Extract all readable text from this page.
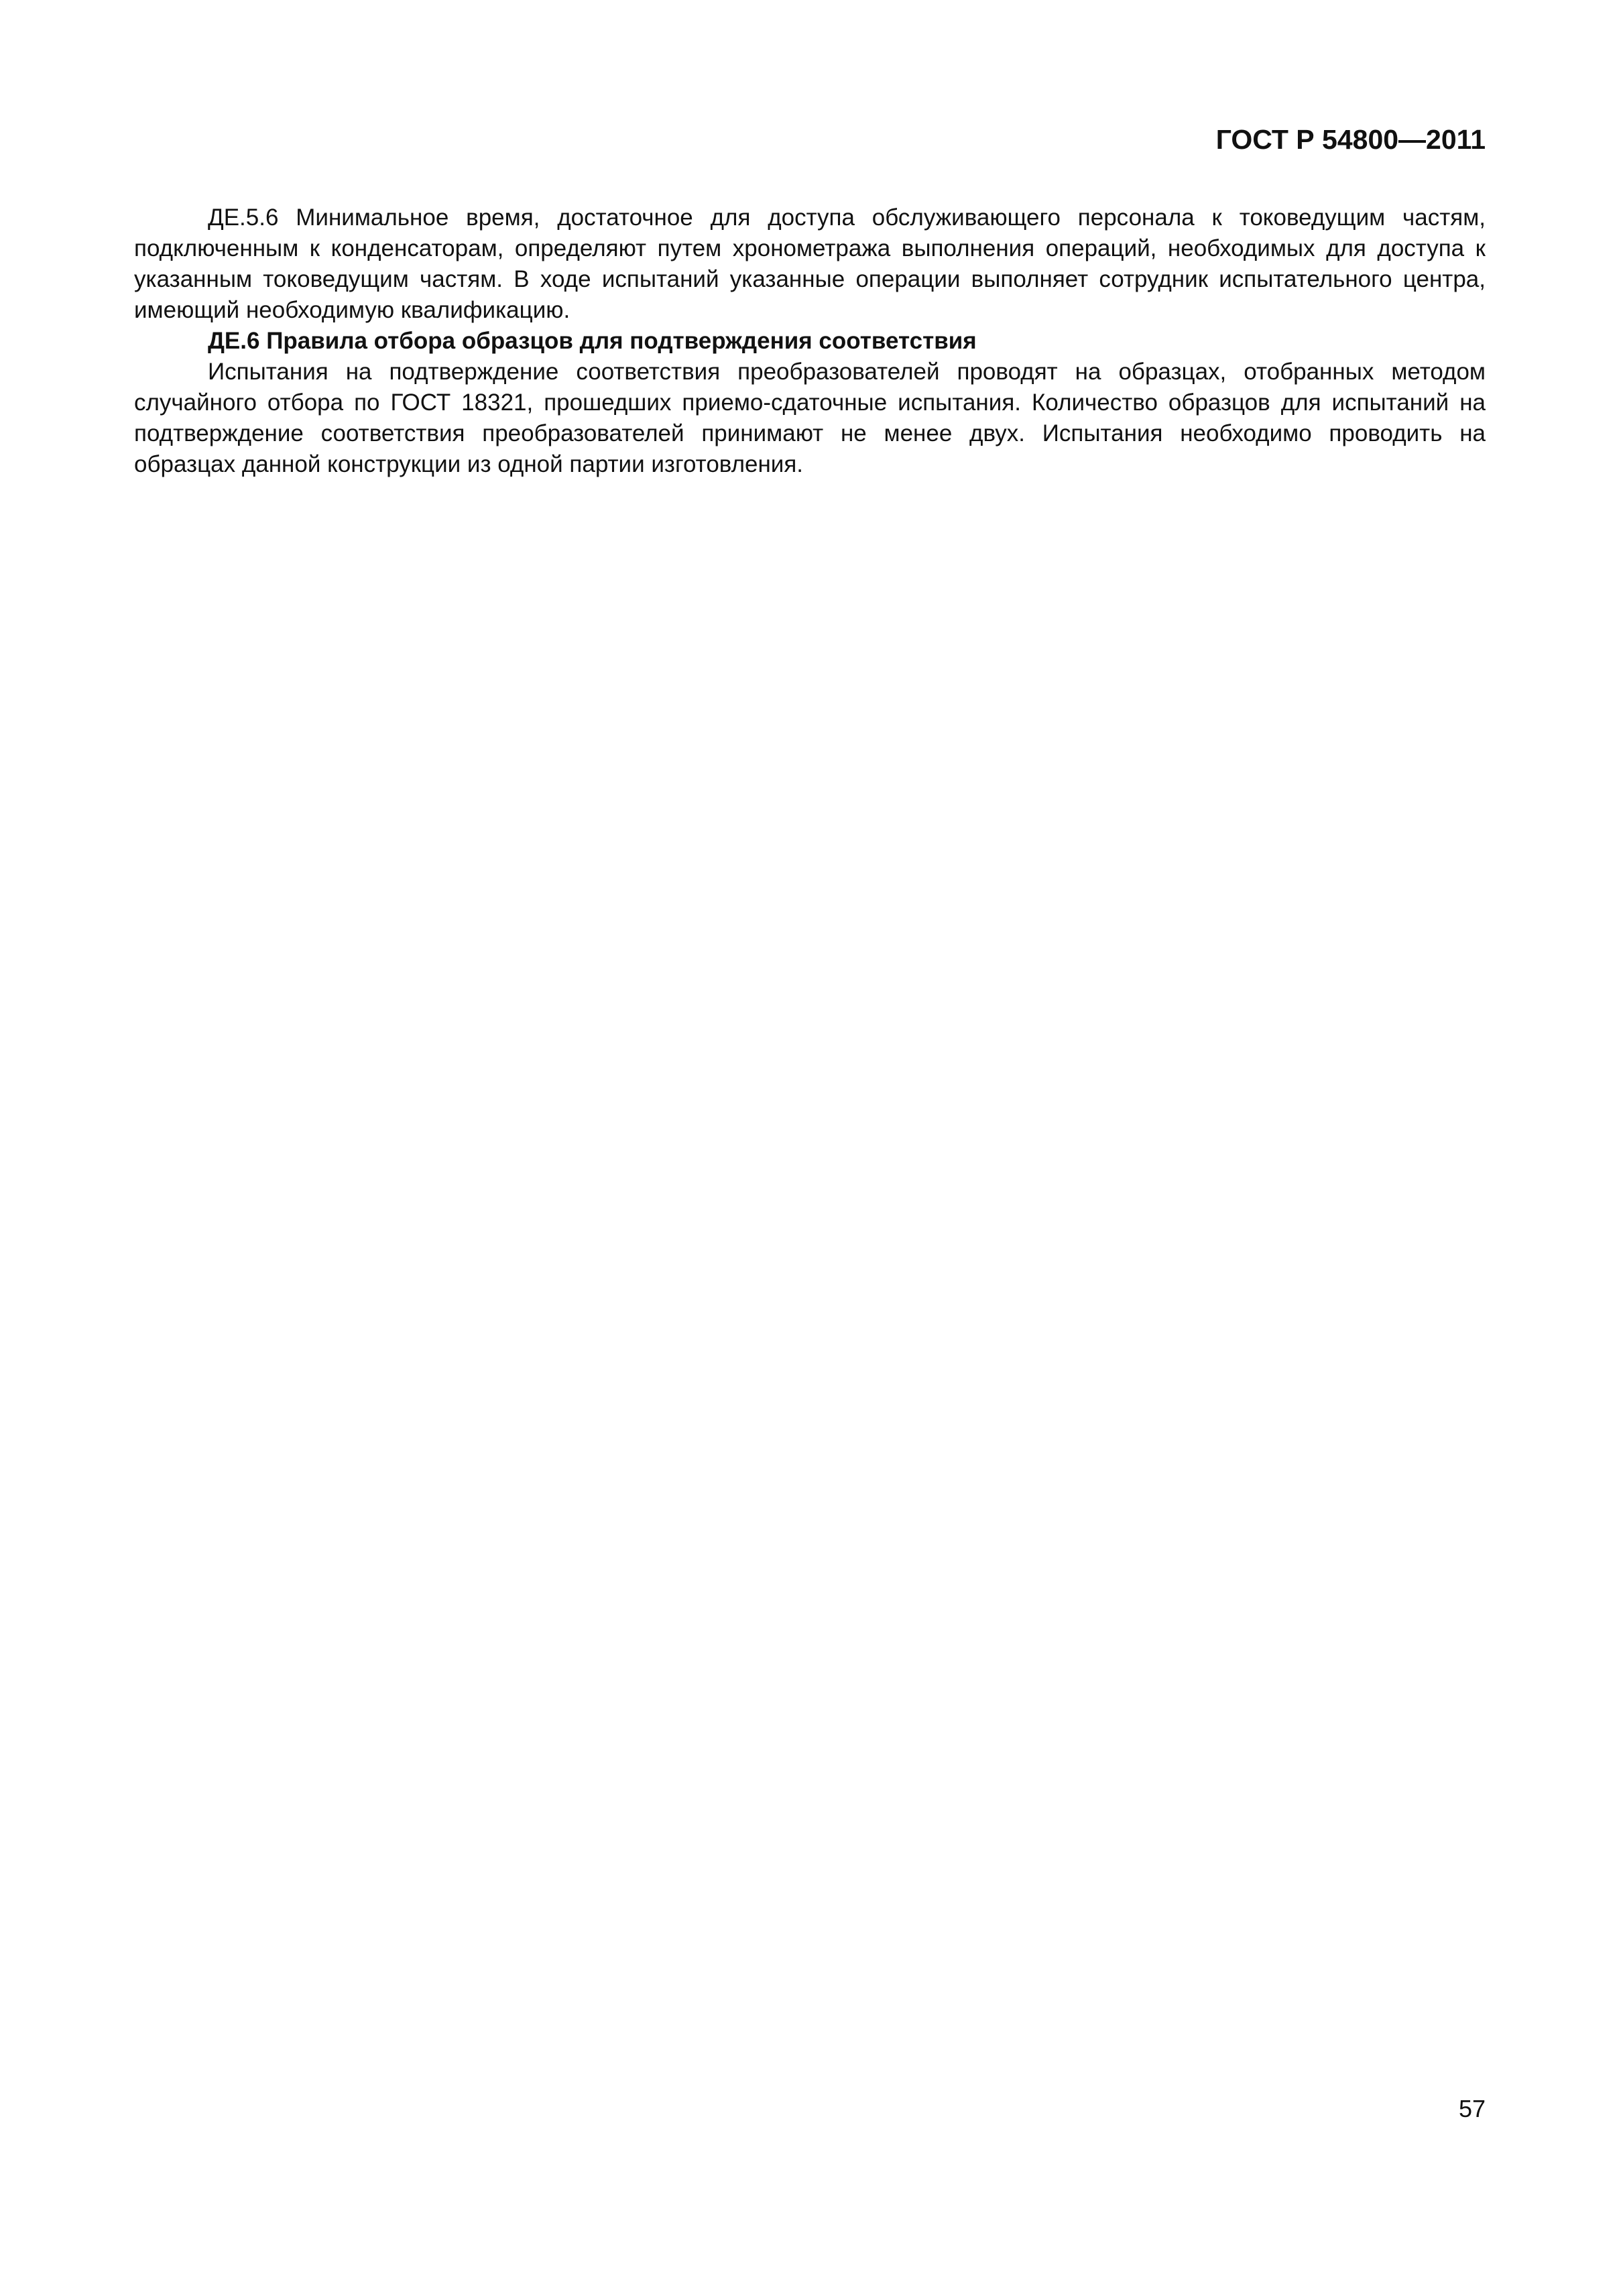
ГОСТ Р 54800—2011

ДЕ.5.6 Минимальное время, достаточное для доступа обслуживающего персонала к токоведущим частям, подключенным к конденсаторам, определяют путем хронометража выполнения операций, необходимых для доступа к указанным токоведущим частям. В ходе испытаний указанные операции выполняет сотрудник испытательного центра, имеющий необходимую квалификацию.

ДЕ.6 Правила отбора образцов для подтверждения соответствия

Испытания на подтверждение соответствия преобразователей проводят на образцах, отобранных методом случайного отбора по ГОСТ 18321, прошедших приемо-сдаточные испытания. Количество образцов для испытаний на подтверждение соответствия преобразователей принимают не менее двух. Испытания необходимо проводить на образцах данной конструкции из одной партии изготовления.

57
